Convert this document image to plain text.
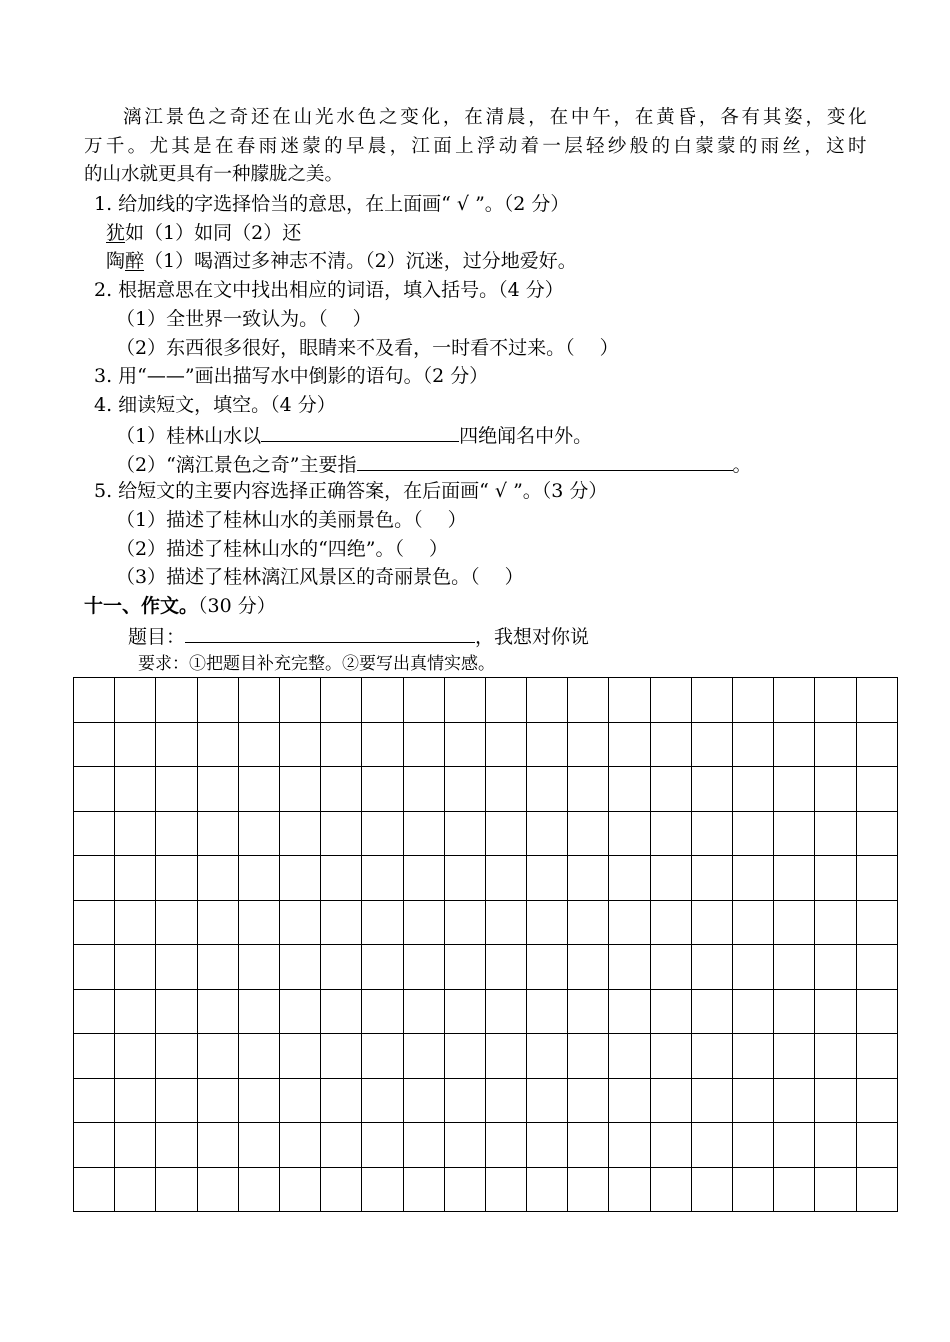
漓 江 景 色 之 奇 还 在 山 光 水 色 之 变 化 ， 在 清 晨 ， 在 中 午 ， 在 黄 昏 ， 各 有 其 姿 ， 变 化
万 千 。 尤 其 是 在 春 雨 迷 蒙 的 早 晨 ， 江 面 上 浮 动 着 一 层 轻 纱 般 的 白 蒙 蒙 的 雨 丝 ， 这 时
的山水就更具有一种朦胧之美。
1. 给加线的字选择恰当的意思，在上面画“ √ ”。（2 分）
犹如（1）如同（2）还
陶醉（1）喝酒过多神志不清。（2）沉迷，过分地爱好。
2. 根据意思在文中找出相应的词语，填入括号。（4 分）
（1）全世界一致认为。（　 ）
（2）东西很多很好，眼睛来不及看，一时看不过来。（　 ）
3. 用“——”画出描写水中倒影的语句。（2 分）
4. 细读短文，填空。（4 分）
（1）桂林山水以	四绝闻名中外。
（2）“漓江景色之奇”主要指	。
5. 给短文的主要内容选择正确答案，在后面画“ √ ”。（3 分）
（1）描述了桂林山水的美丽景色。（　 ）
（2）描述了桂林山水的“四绝”。（　 ）
（3）描述了桂林漓江风景区的奇丽景色。（　 ）
十一、作文。（30 分）
题目：	，我想对你说
要求：①把题目补充完整。②要写出真情实感。
